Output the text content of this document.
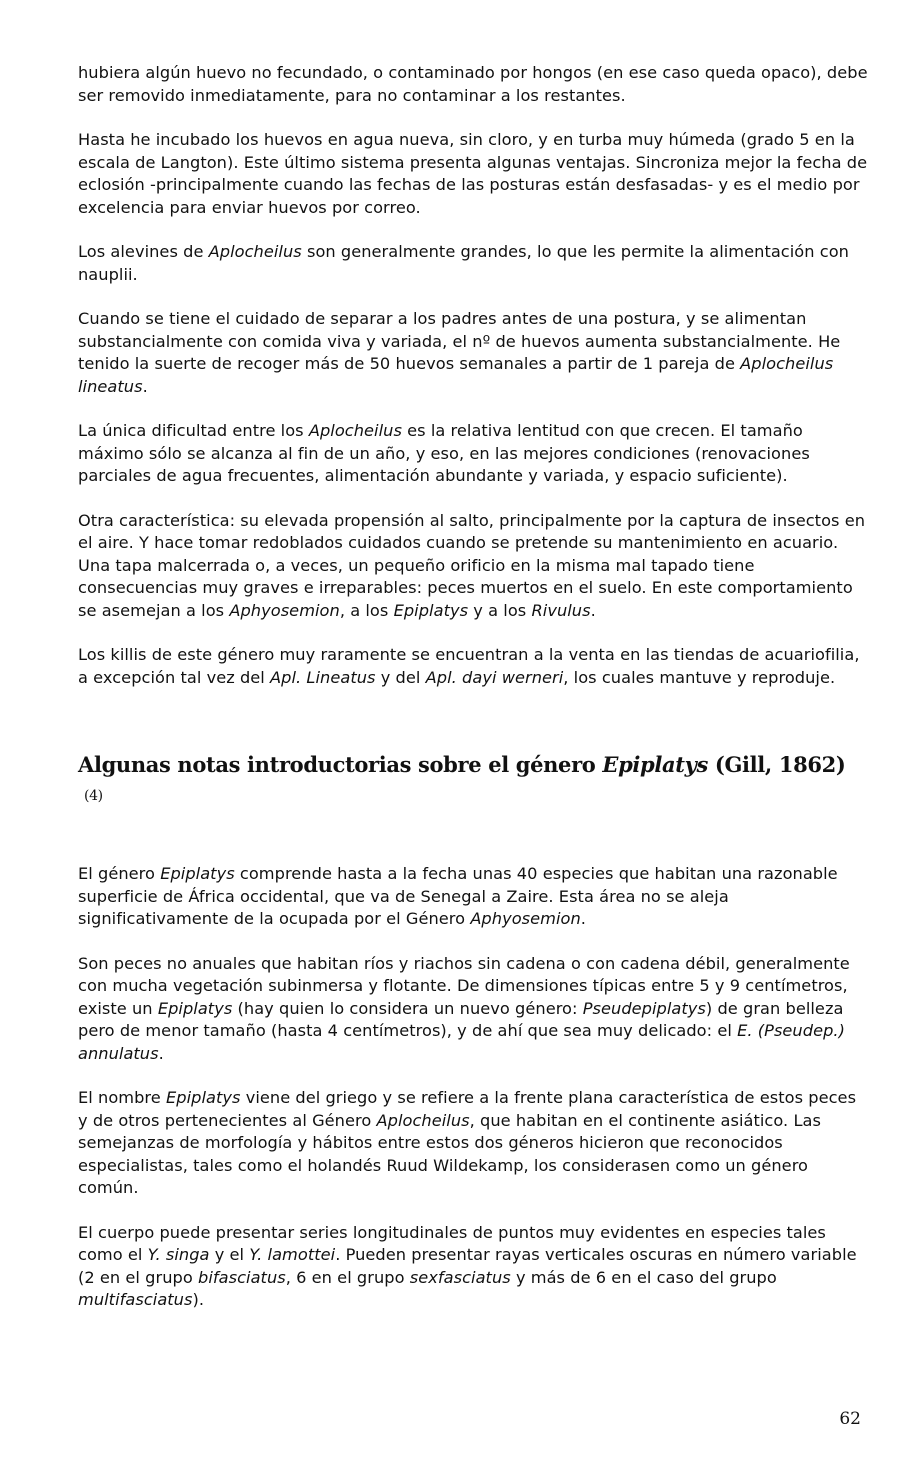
hubiera algún huevo no fecundado, o contaminado por hongos (en ese caso queda opaco), debe ser removido inmediatamente, para no contaminar a los restantes.

Hasta he incubado los huevos en agua nueva, sin cloro, y en turba muy húmeda (grado 5 en la escala de Langton). Este último sistema presenta algunas ventajas. Sincroniza mejor la fecha de eclosión -principalmente cuando las fechas de las posturas están desfasadas- y es el medio por excelencia para enviar huevos por correo.

Los alevines de Aplocheilus son generalmente grandes, lo que les permite la alimentación con nauplii.

Cuando se tiene el cuidado de separar a los padres antes de una postura, y se alimentan substancialmente con comida viva y variada, el nº de huevos aumenta substancialmente. He tenido la suerte de recoger más de 50 huevos semanales a partir de 1 pareja de Aplocheilus lineatus.

La única dificultad entre los Aplocheilus es la relativa lentitud con que crecen. El tamaño máximo sólo se alcanza al fin de un año, y eso, en las mejores condiciones (renovaciones parciales de agua frecuentes, alimentación abundante y variada, y espacio suficiente).

Otra característica: su elevada propensión al salto, principalmente por la captura de insectos en el aire. Y hace tomar redoblados cuidados cuando se pretende su mantenimiento en acuario. Una tapa malcerrada o, a veces, un pequeño orificio en la misma mal tapado tiene consecuencias muy graves e irreparables: peces muertos en el suelo. En este comportamiento se asemejan a los Aphyosemion, a los Epiplatys y a los Rivulus.

Los killis de este género muy raramente se encuentran a la venta en las tiendas de acuariofilia, a excepción tal vez del Apl. Lineatus y del Apl. dayi werneri, los cuales mantuve y reproduje.

Algunas notas introductorias sobre el género Epiplatys (Gill, 1862)(4)

El género Epiplatys comprende hasta a la fecha unas 40 especies que habitan una razonable superficie de África occidental, que va de Senegal a Zaire. Esta área no se aleja significativamente de la ocupada por el Género Aphyosemion.

Son peces no anuales que habitan ríos y riachos sin cadena o con cadena débil, generalmente con mucha vegetación subinmersa y flotante. De dimensiones típicas entre 5 y 9 centímetros, existe un Epiplatys (hay quien lo considera un nuevo género: Pseudepiplatys) de gran belleza pero de menor tamaño (hasta 4 centímetros), y de ahí que sea muy delicado: el E. (Pseudep.) annulatus.

El nombre Epiplatys viene del griego y se refiere a la frente plana característica de estos peces y de otros pertenecientes al Género Aplocheilus, que habitan en el continente asiático. Las semejanzas de morfología y hábitos entre estos dos géneros hicieron que reconocidos especialistas, tales como el holandés Ruud Wildekamp, los considerasen como un género común.

El cuerpo puede presentar series longitudinales de puntos muy evidentes en especies tales como el Y. singa y el Y. lamottei. Pueden presentar rayas verticales oscuras en número variable (2 en el grupo bifasciatus, 6 en el grupo sexfasciatus y más de 6 en el caso del grupo multifasciatus).

62
